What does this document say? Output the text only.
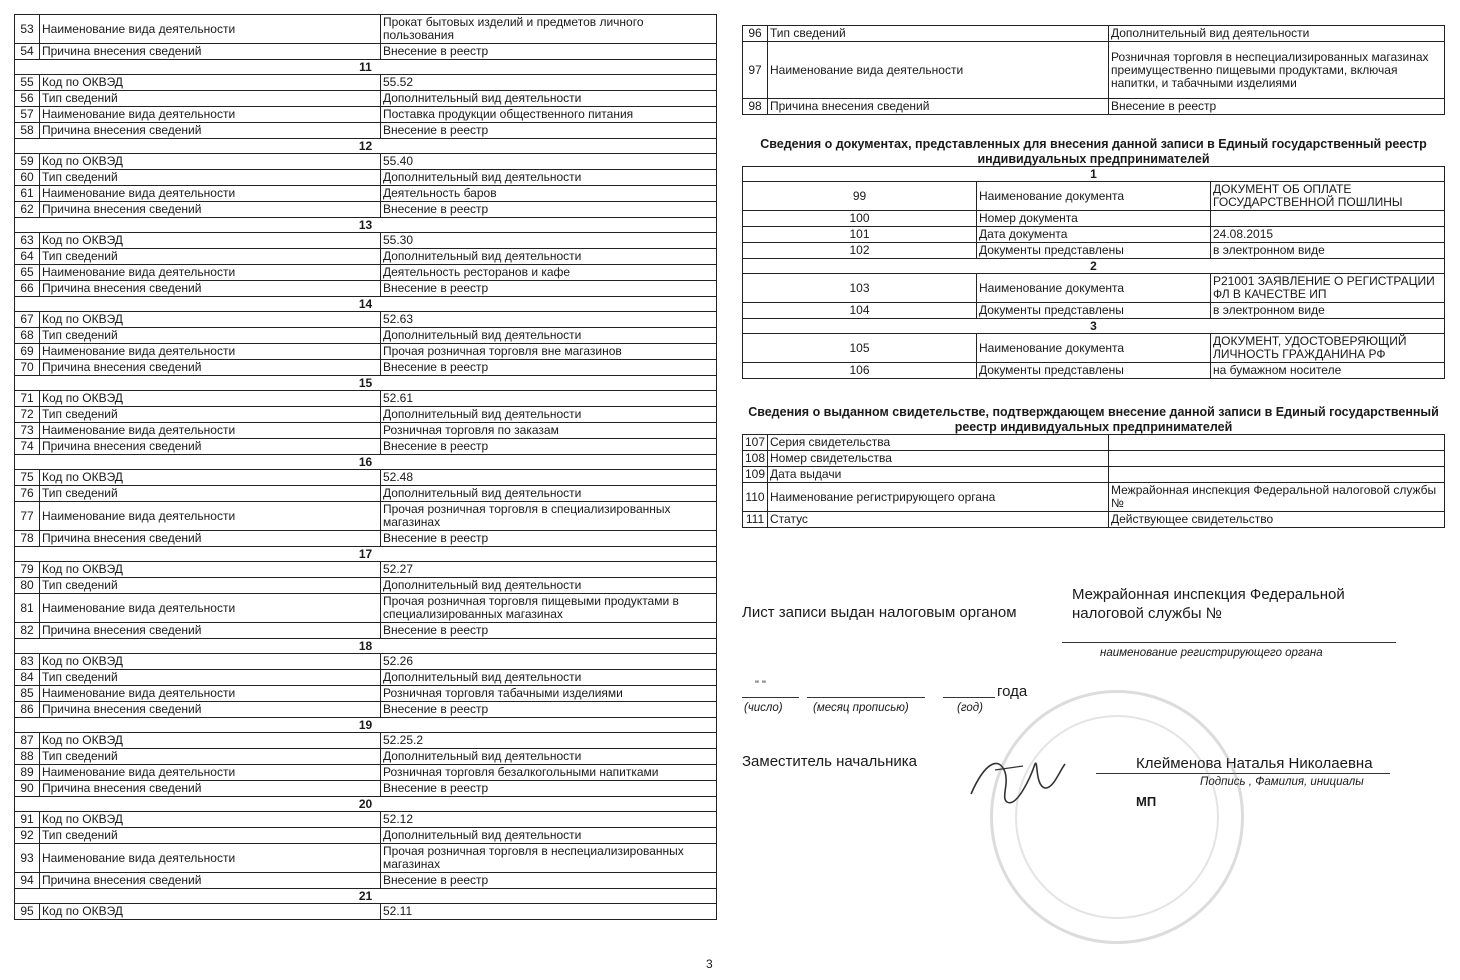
53	Наименование вида деятельности	Прокат бытовых изделий и предметов личного пользования
54	Причина внесения сведений	Внесение в реестр
11		
55	Код по ОКВЭД	55.52
56	Тип сведений	Дополнительный вид деятельности
57	Наименование вида деятельности	Поставка продукции общественного питания
58	Причина внесения сведений	Внесение в реестр
12		
59	Код по ОКВЭД	55.40
60	Тип сведений	Дополнительный вид деятельности
61	Наименование вида деятельности	Деятельность баров
62	Причина внесения сведений	Внесение в реестр
13		
63	Код по ОКВЭД	55.30
64	Тип сведений	Дополнительный вид деятельности
65	Наименование вида деятельности	Деятельность ресторанов и кафе
66	Причина внесения сведений	Внесение в реестр
14		
67	Код по ОКВЭД	52.63
68	Тип сведений	Дополнительный вид деятельности
69	Наименование вида деятельности	Прочая розничная торговля вне магазинов
70	Причина внесения сведений	Внесение в реестр
15		
71	Код по ОКВЭД	52.61
72	Тип сведений	Дополнительный вид деятельности
73	Наименование вида деятельности	Розничная торговля по заказам
74	Причина внесения сведений	Внесение в реестр
16		
75	Код по ОКВЭД	52.48
76	Тип сведений	Дополнительный вид деятельности
77	Наименование вида деятельности	Прочая розничная торговля в специализированных магазинах
78	Причина внесения сведений	Внесение в реестр
17		
79	Код по ОКВЭД	52.27
80	Тип сведений	Дополнительный вид деятельности
81	Наименование вида деятельности	Прочая розничная торговля пищевыми продуктами в специализированных магазинах
82	Причина внесения сведений	Внесение в реестр
18		
83	Код по ОКВЭД	52.26
84	Тип сведений	Дополнительный вид деятельности
85	Наименование вида деятельности	Розничная торговля табачными изделиями
86	Причина внесения сведений	Внесение в реестр
19		
87	Код по ОКВЭД	52.25.2
88	Тип сведений	Дополнительный вид деятельности
89	Наименование вида деятельности	Розничная торговля безалкогольными напитками
90	Причина внесения сведений	Внесение в реестр
20		
91	Код по ОКВЭД	52.12
92	Тип сведений	Дополнительный вид деятельности
93	Наименование вида деятельности	Прочая розничная торговля в неспециализированных магазинах
94	Причина внесения сведений	Внесение в реестр
21		
95	Код по ОКВЭД	52.11
96	Тип сведений	Дополнительный вид деятельности
97	Наименование вида деятельности	Розничная торговля в неспециализированных магазинах преимущественно пищевыми продуктами, включая напитки, и табачными изделиями
98	Причина внесения сведений	Внесение в реестр
Сведения о документах, представленных для внесения данной записи в Единый государственный реестр индивидуальных предпринимателей
1		
99	Наименование документа	ДОКУМЕНТ ОБ ОПЛАТЕ ГОСУДАРСТВЕННОЙ ПОШЛИНЫ
100	Номер документа	
101	Дата документа	24.08.2015
102	Документы представлены	в электронном виде
2		
103	Наименование документа	Р21001 ЗАЯВЛЕНИЕ О РЕГИСТРАЦИИ ФЛ В КАЧЕСТВЕ ИП
104	Документы представлены	в электронном виде
3		
105	Наименование документа	ДОКУМЕНТ, УДОСТОВЕРЯЮЩИЙ ЛИЧНОСТЬ ГРАЖДАНИНА РФ
106	Документы представлены	на бумажном носителе
Сведения о выданном свидетельстве, подтверждающем внесение данной записи в Единый государственный реестр индивидуальных предпринимателей
107	Серия свидетельства	
108	Номер свидетельства	
109	Дата выдачи	
110	Наименование регистрирующего органа	Межрайонная инспекция Федеральной налоговой службы №
111	Статус	Действующее свидетельство
Лист записи выдан налоговым органом
Межрайонная инспекция Федеральной
налоговой службы №
наименование регистрирующего органа
" "	года
(число)	(месяц прописью)	(год)
Заместитель начальника	Клейменова Наталья Николаевна
Подпись , Фамилия, инициалы
МП
3
